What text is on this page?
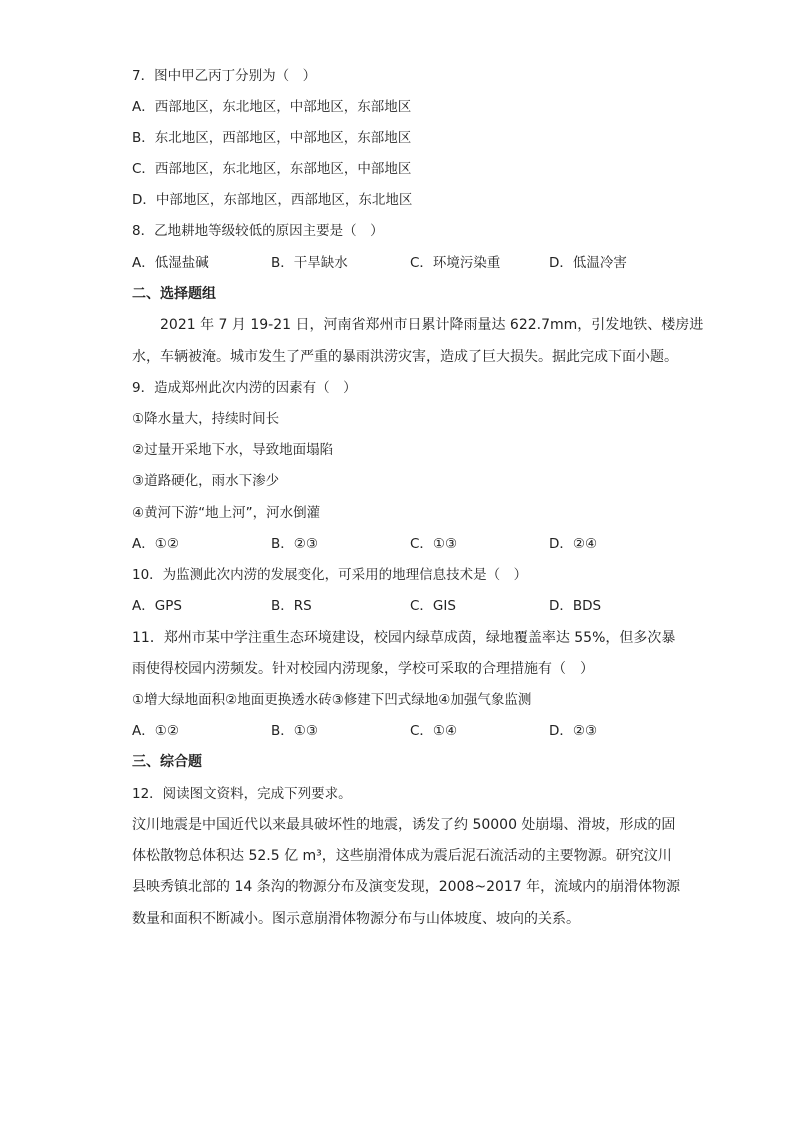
7．图中甲乙丙丁分别为（　）
A．西部地区，东北地区，中部地区，东部地区
B．东北地区，西部地区，中部地区，东部地区
C．西部地区，东北地区，东部地区，中部地区
D．中部地区，东部地区，西部地区，东北地区
8．乙地耕地等级较低的原因主要是（　）
A．低湿盐碱	B．干旱缺水	C．环境污染重	D．低温冷害
二、选择题组
2021 年 7 月 19-21 日，河南省郑州市日累计降雨量达 622.7mm，引发地铁、楼房进
水，车辆被淹。城市发生了严重的暴雨洪涝灾害，造成了巨大损失。据此完成下面小题。
9．造成郑州此次内涝的因素有（　）
①降水量大，持续时间长
②过量开采地下水，导致地面塌陷
③道路硬化，雨水下渗少
④黄河下游“地上河”，河水倒灌
A．①②	B．②③	C．①③	D．②④
10．为监测此次内涝的发展变化，可采用的地理信息技术是（　）
A．GPS	B．RS	C．GIS	D．BDS
11．郑州市某中学注重生态环境建设，校园内绿草成茵，绿地覆盖率达 55%，但多次暴
雨使得校园内涝频发。针对校园内涝现象，学校可采取的合理措施有（　）
①增大绿地面积②地面更换透水砖③修建下凹式绿地④加强气象监测
A．①②	B．①③	C．①④	D．②③
三、综合题
12．阅读图文资料，完成下列要求。
汶川地震是中国近代以来最具破坏性的地震，诱发了约 50000 处崩塌、滑坡，形成的固
体松散物总体积达 52.5 亿 m³，这些崩滑体成为震后泥石流活动的主要物源。研究汶川
县映秀镇北部的 14 条沟的物源分布及演变发现，2008~2017 年，流域内的崩滑体物源
数量和面积不断减小。图示意崩滑体物源分布与山体坡度、坡向的关系。
